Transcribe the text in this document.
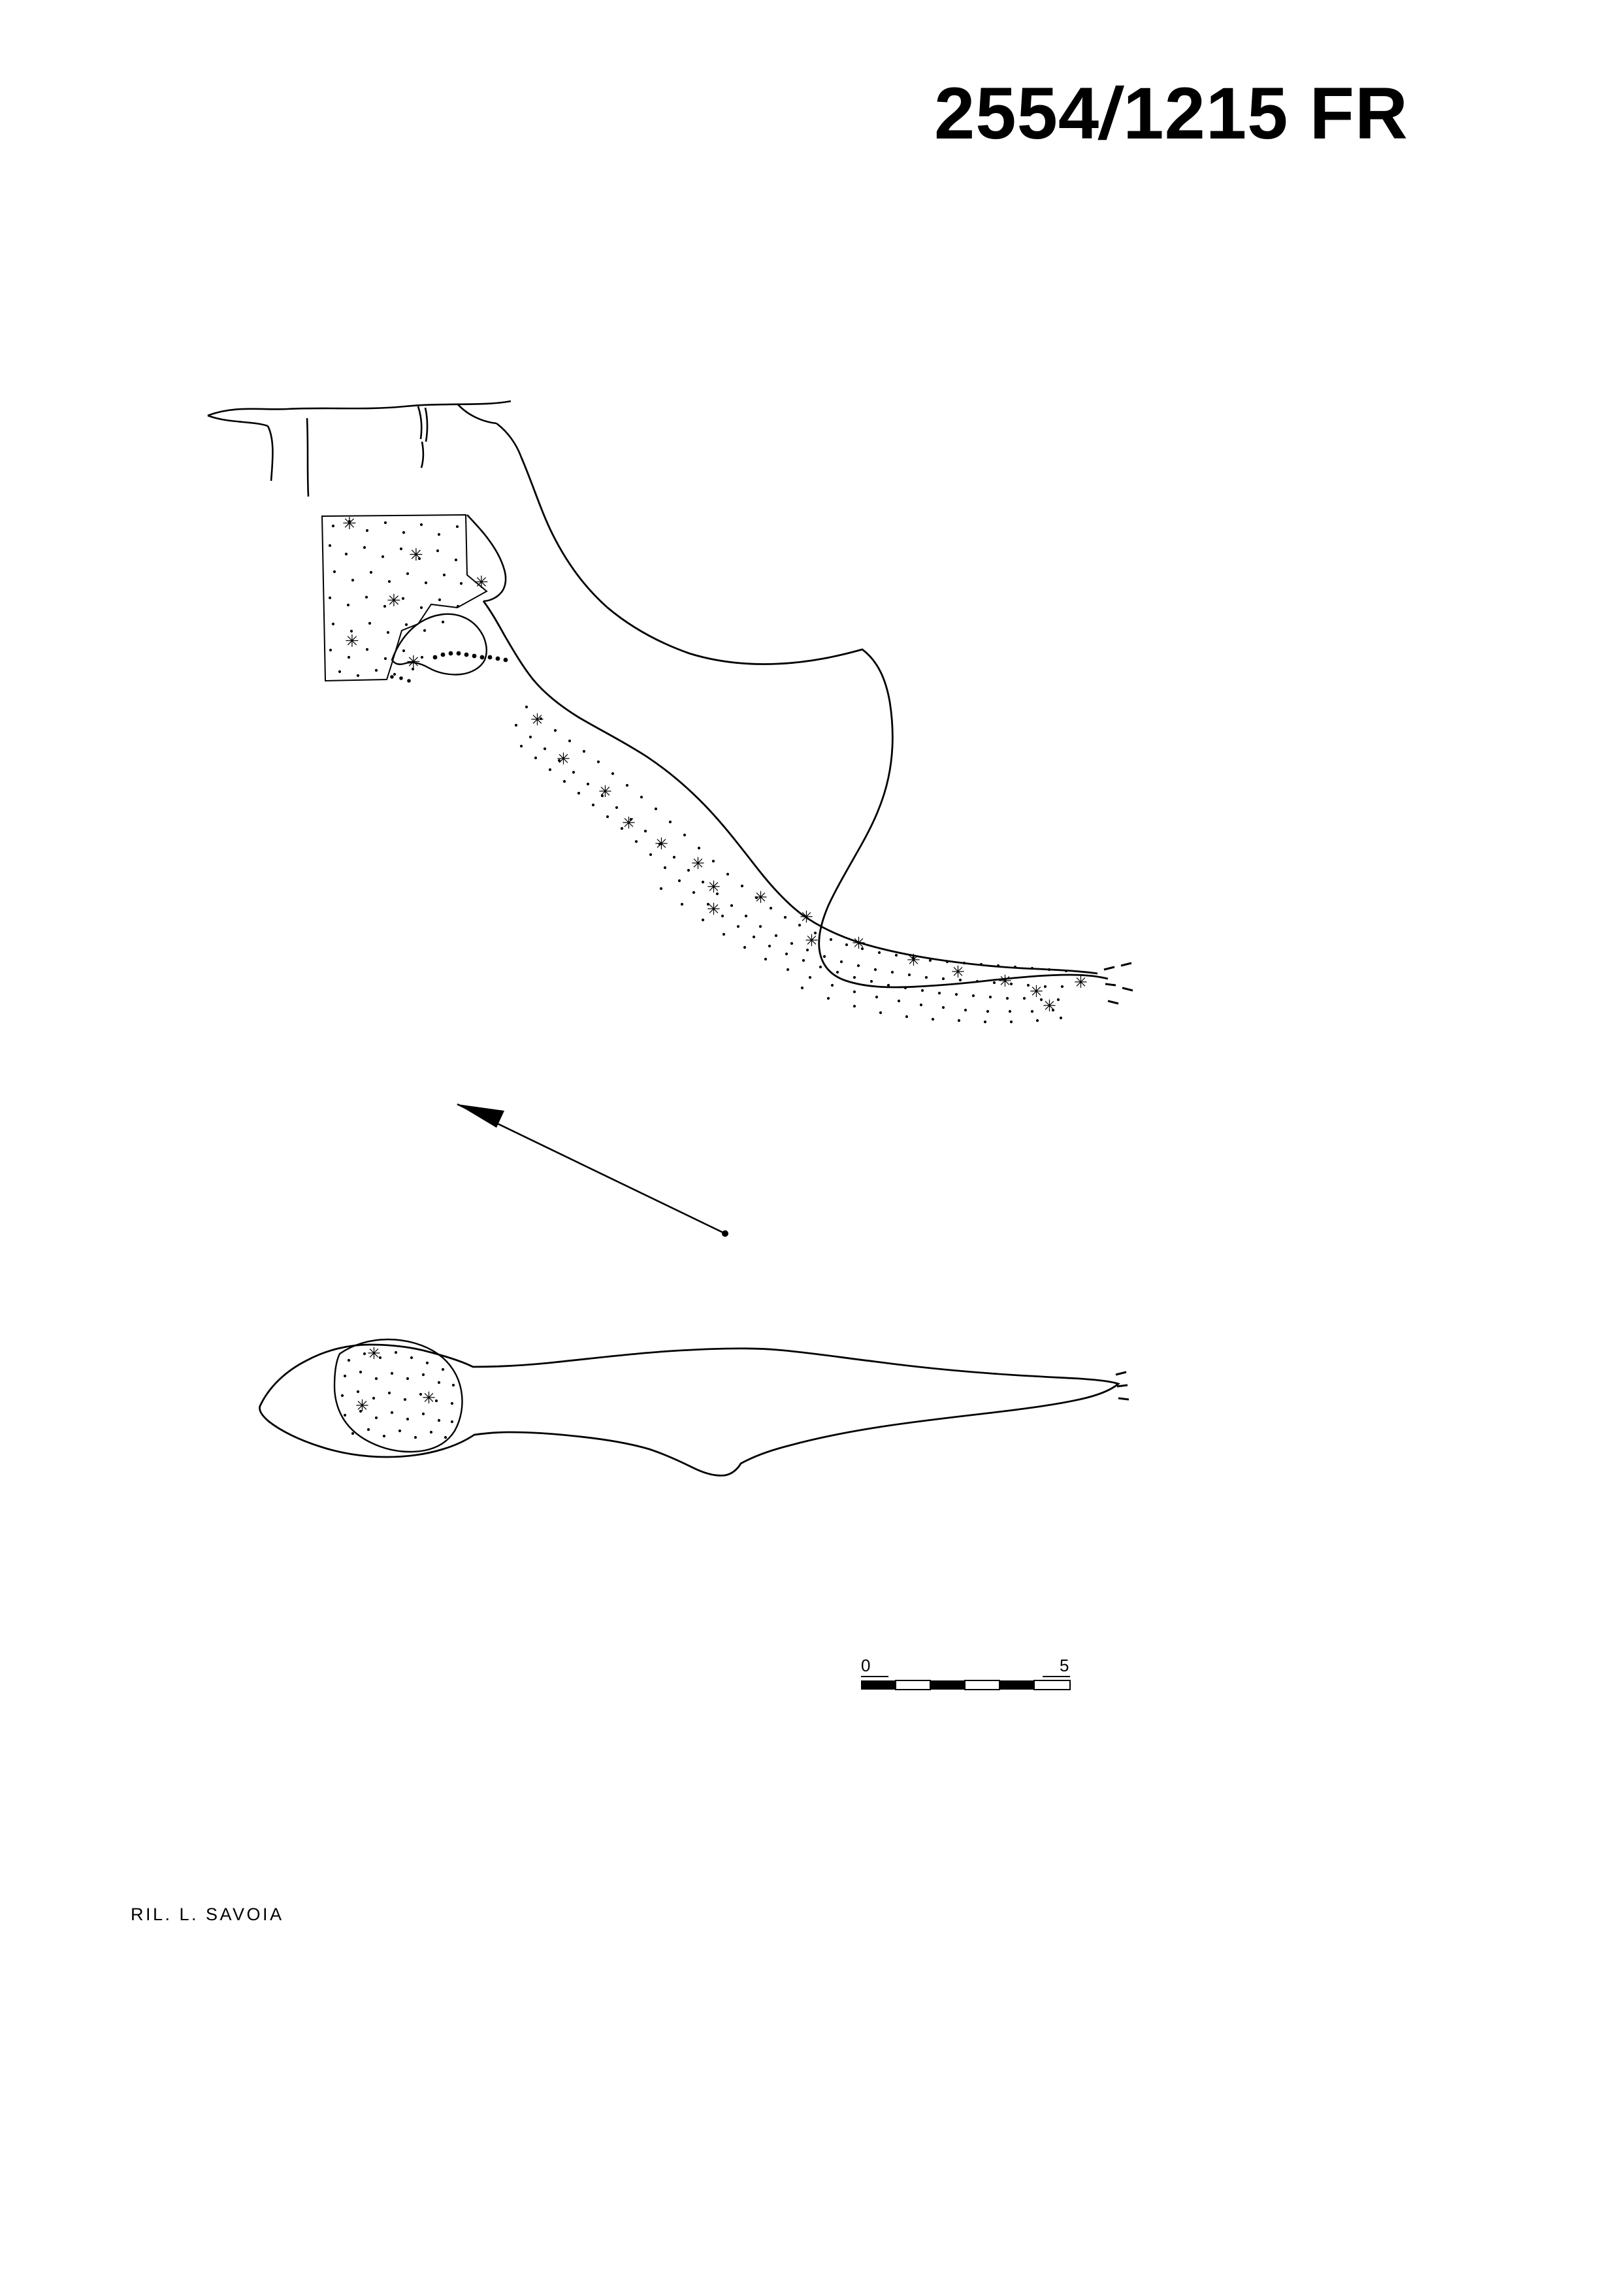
2554/1215 FR
✳
✳
✳
✳
✳
✳
✳
✳
✳
✳
✳
✳
✳
✳
✳	✳
✳ ✳
✳
✳ ✳
✳ ✳
✳
✳
✳	✳
0	5
RIL. L. SAVOIA
